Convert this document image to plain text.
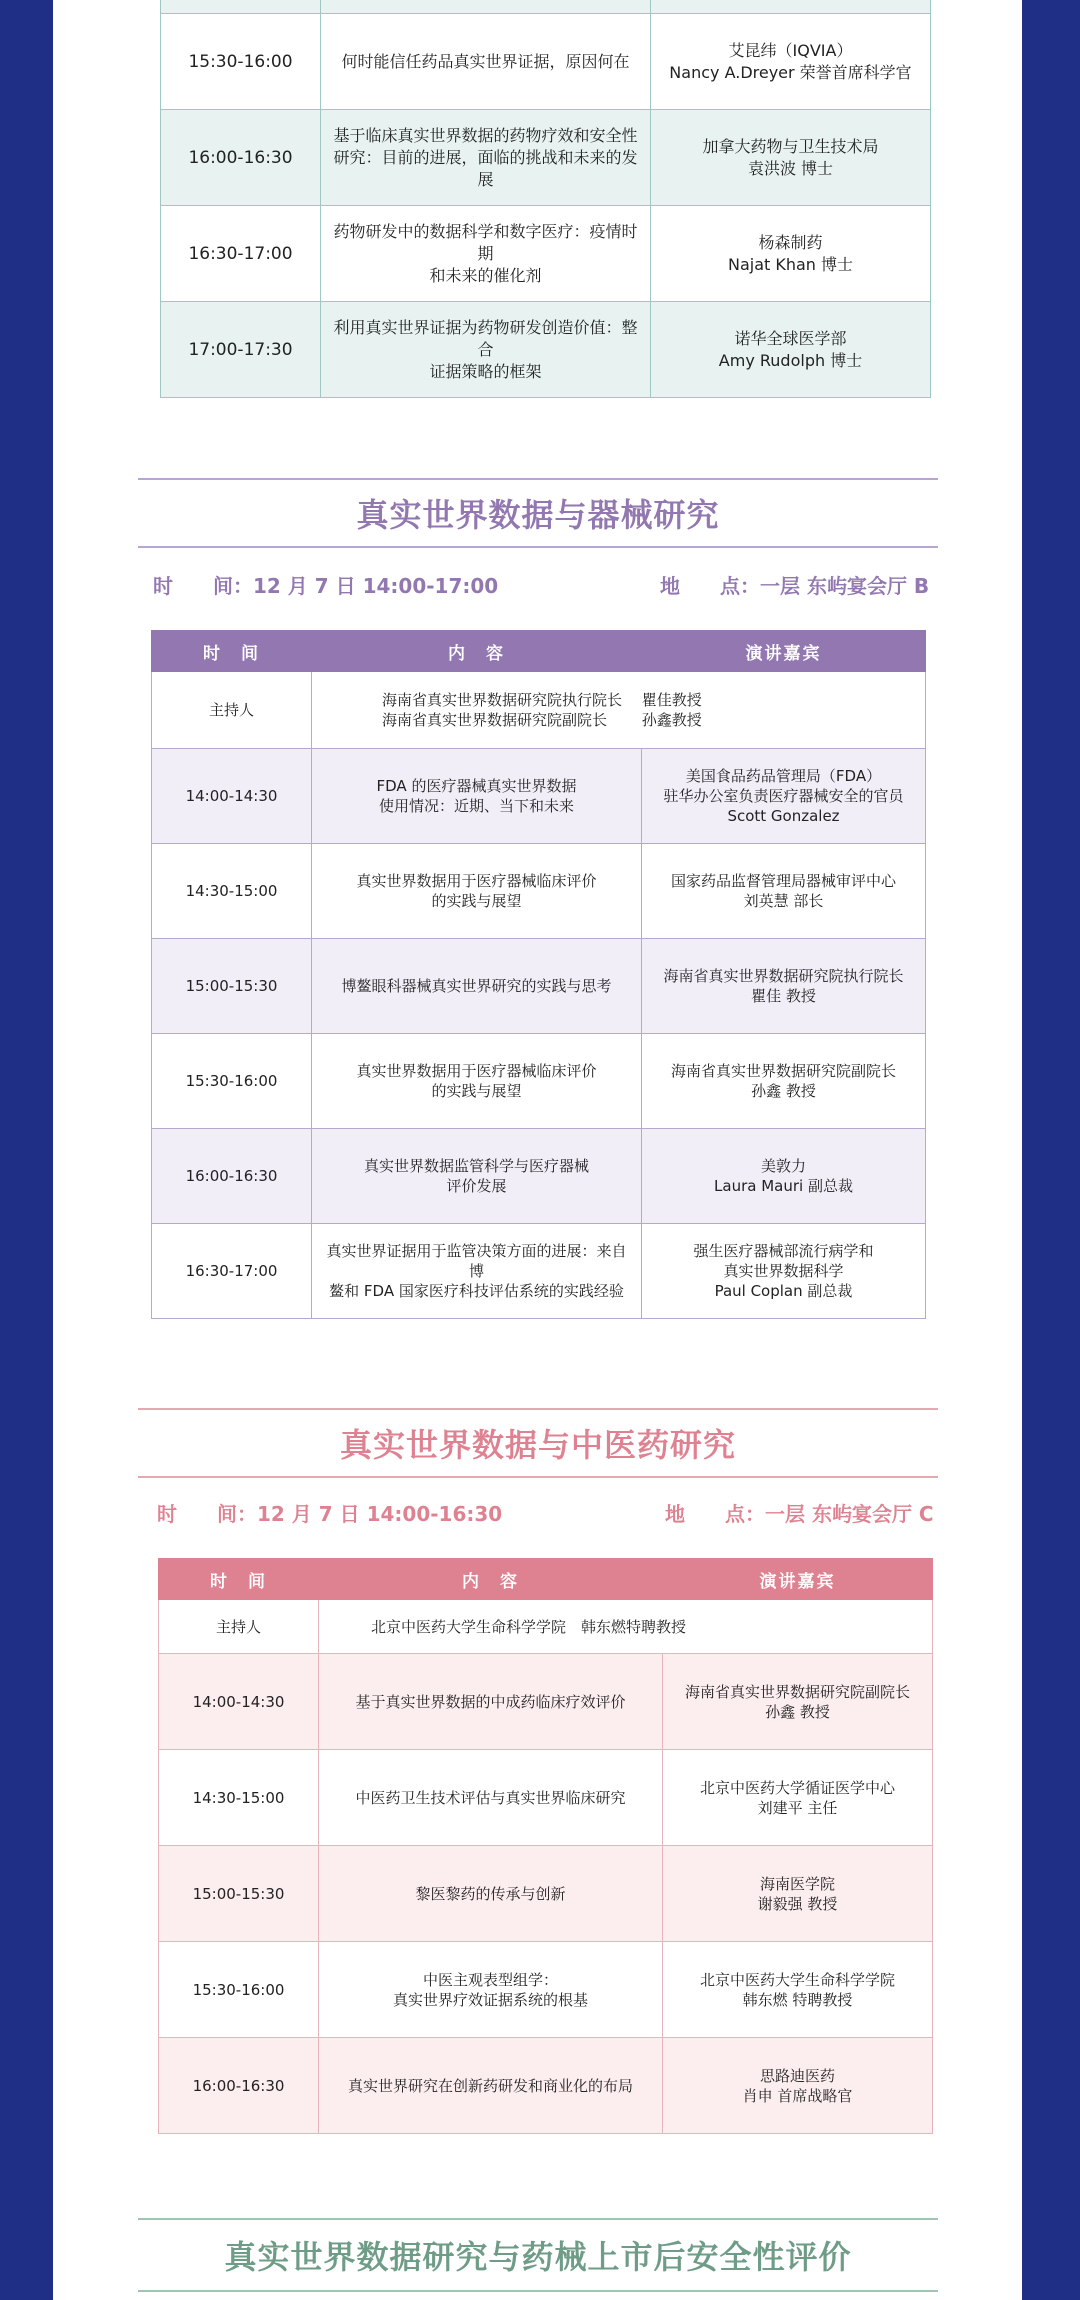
15:30-16:00	何时能信任药品真实世界证据，原因何在	艾昆纬（IQVIA）
Nancy A.Dreyer 荣誉首席科学官

16:00-16:30	基于临床真实世界数据的药物疗效和安全性
研究：目前的进展，面临的挑战和未来的发展	加拿大药物与卫生技术局
袁洪波 博士

16:30-17:00	药物研发中的数据科学和数字医疗：疫情时期
和未来的催化剂	杨森制药
Najat Khan 博士

17:00-17:30	利用真实世界证据为药物研发创造价值：整合
证据策略的框架	诺华全球医学部
Amy Rudolph 博士
真实世界数据与器械研究
时　　间：12 月 7 日 14:00-17:00	地　　点：一层 东屿宴会厅 B
时　间	内　容	演讲嘉宾
主持人	海南省真实世界数据研究院执行院长　 瞿佳教授
海南省真实世界数据研究院副院长　　 孙鑫教授	

14:00-14:30	FDA 的医疗器械真实世界数据
使用情况：近期、当下和未来	美国食品药品管理局（FDA）
驻华办公室负责医疗器械安全的官员
Scott Gonzalez

14:30-15:00	真实世界数据用于医疗器械临床评价
的实践与展望	国家药品监督管理局器械审评中心
刘英慧 部长

15:00-15:30	博鳌眼科器械真实世界研究的实践与思考	海南省真实世界数据研究院执行院长
瞿佳 教授

15:30-16:00	真实世界数据用于医疗器械临床评价
的实践与展望	海南省真实世界数据研究院副院长
孙鑫 教授

16:00-16:30	真实世界数据监管科学与医疗器械
评价发展	美敦力
Laura Mauri 副总裁

16:30-17:00	真实世界证据用于监管决策方面的进展：来自博
鳌和 FDA 国家医疗科技评估系统的实践经验	强生医疗器械部流行病学和
真实世界数据科学
Paul Coplan 副总裁
真实世界数据与中医药研究
时　　间：12 月 7 日 14:00-16:30	地　　点：一层 东屿宴会厅 C
时　间	内　容	演讲嘉宾
主持人	北京中医药大学生命科学学院　韩东燃特聘教授	
14:00-14:30	基于真实世界数据的中成药临床疗效评价	海南省真实世界数据研究院副院长
孙鑫 教授

14:30-15:00	中医药卫生技术评估与真实世界临床研究	北京中医药大学循证医学中心
刘建平 主任

15:00-15:30	黎医黎药的传承与创新	海南医学院
谢毅强 教授

15:30-16:00	中医主观表型组学：
真实世界疗效证据系统的根基	北京中医药大学生命科学学院
韩东燃 特聘教授

16:00-16:30	真实世界研究在创新药研发和商业化的布局	思路迪医药
肖申 首席战略官
真实世界数据研究与药械上市后安全性评价
